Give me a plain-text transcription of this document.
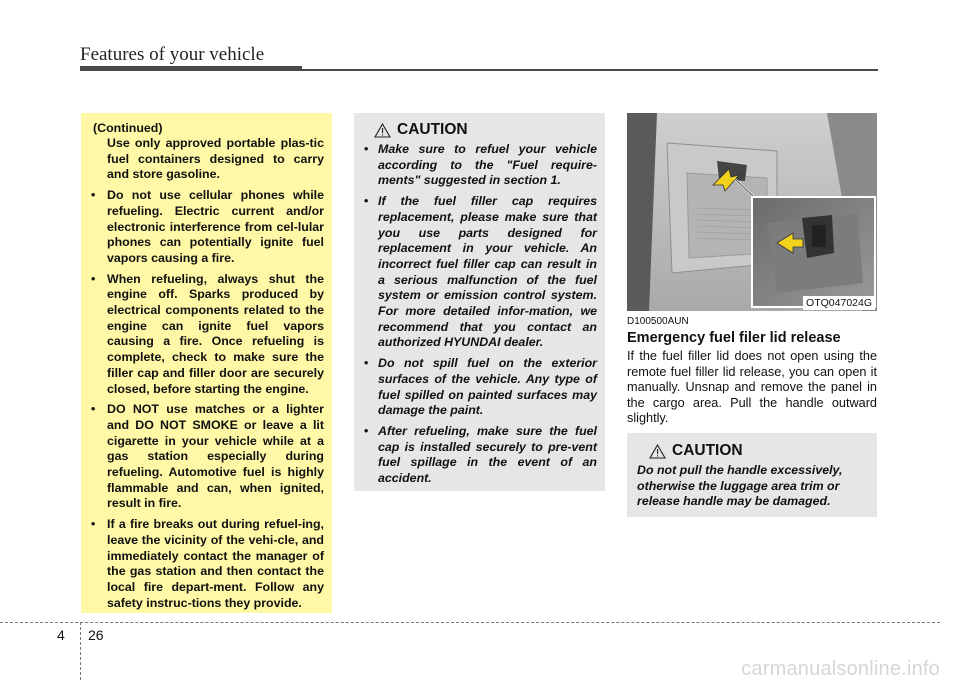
Features of your vehicle
(Continued)
Use only approved portable plas-tic fuel containers designed to carry and store gasoline.
• Do not use cellular phones while refueling. Electric current and/or electronic interference from cel-lular phones can potentially ignite fuel vapors causing a fire.
• When refueling, always shut the engine off. Sparks produced by electrical components related to the engine can ignite fuel vapors causing a fire. Once refueling is complete, check to make sure the filler cap and filler door are securely closed, before starting the engine.
• DO NOT use matches or a lighter and DO NOT SMOKE or leave a lit cigarette in your vehicle while at a gas station especially during refueling. Automotive fuel is highly flammable and can, when ignited, result in fire.
• If a fire breaks out during refuel-ing, leave the vicinity of the vehi-cle, and immediately contact the manager of the gas station and then contact the local fire depart-ment. Follow any safety instruc-tions they provide.
CAUTION
• Make sure to refuel your vehicle according to the "Fuel require-ments" suggested in section 1.
• If the fuel filler cap requires replacement, please make sure that you use parts designed for replacement in your vehicle. An incorrect fuel filler cap can result in a serious malfunction of the fuel system or emission control system. For more detailed infor-mation, we recommend that you contact an authorized HYUNDAI dealer.
• Do not spill fuel on the exterior surfaces of the vehicle. Any type of fuel spilled on painted surfaces may damage the paint.
• After refueling, make sure the fuel cap is installed securely to pre-vent fuel spillage in the event of an accident.
OTQ047024G
D100500AUN
Emergency fuel filer lid release
If the fuel filler lid does not open using the remote fuel filler lid release, you can open it manually. Unsnap and remove the panel in the cargo area. Pull the handle outward slightly.
CAUTION
Do not pull the handle excessively, otherwise the luggage area trim or release handle may be damaged.
4 26
carmanualsonline.info
